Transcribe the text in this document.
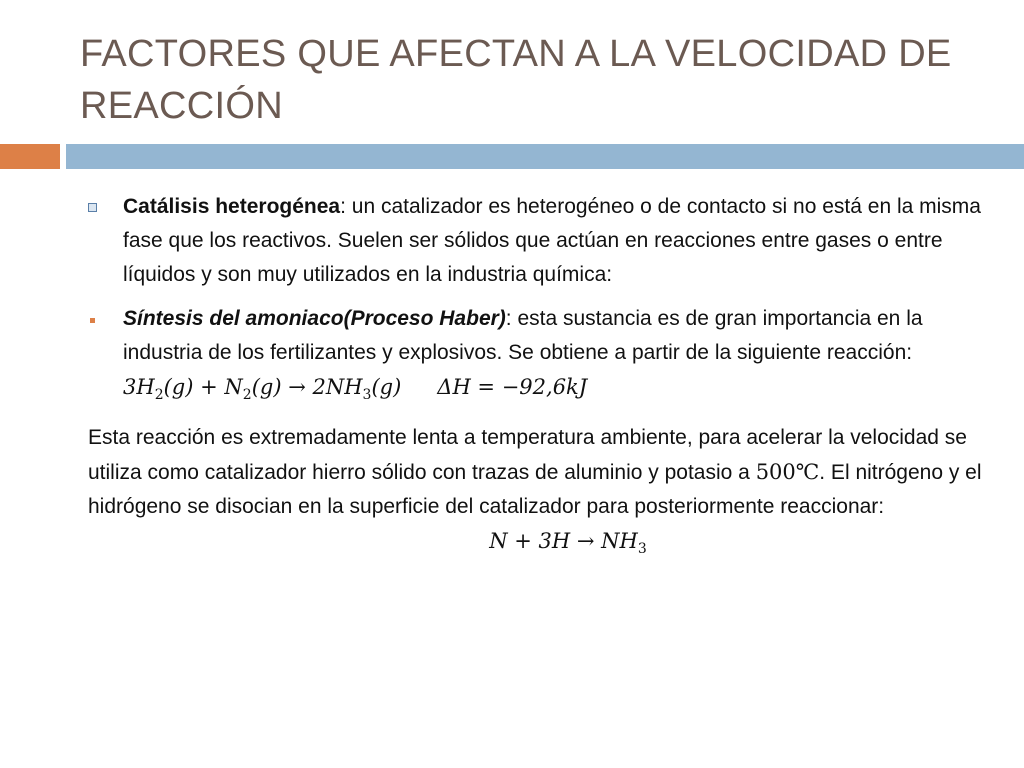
FACTORES QUE AFECTAN A LA VELOCIDAD DE REACCIÓN

Catálisis heterogénea: un catalizador es heterogéneo o de contacto si no está en la misma fase que los reactivos. Suelen ser sólidos que actúan en reacciones entre gases o entre líquidos y son muy utilizados en la industria química:

Síntesis del amoniaco(Proceso Haber): esta sustancia es de gran importancia en la industria de los fertilizantes y explosivos. Se obtiene a partir de la siguiente reacción: $3H_2(g) + N_2(g) \to 2NH_3(g) \Delta H = -92,6kJ$

Esta reacción es extremadamente lenta a temperatura ambiente, para acelerar la velocidad se utiliza como catalizador hierro sólido con trazas de aluminio y potasio a 500℃. El nitrógeno y el hidrógeno se disocian en la superficie del catalizador para posteriormente reaccionar:

$N + 3H \to NH_3$
